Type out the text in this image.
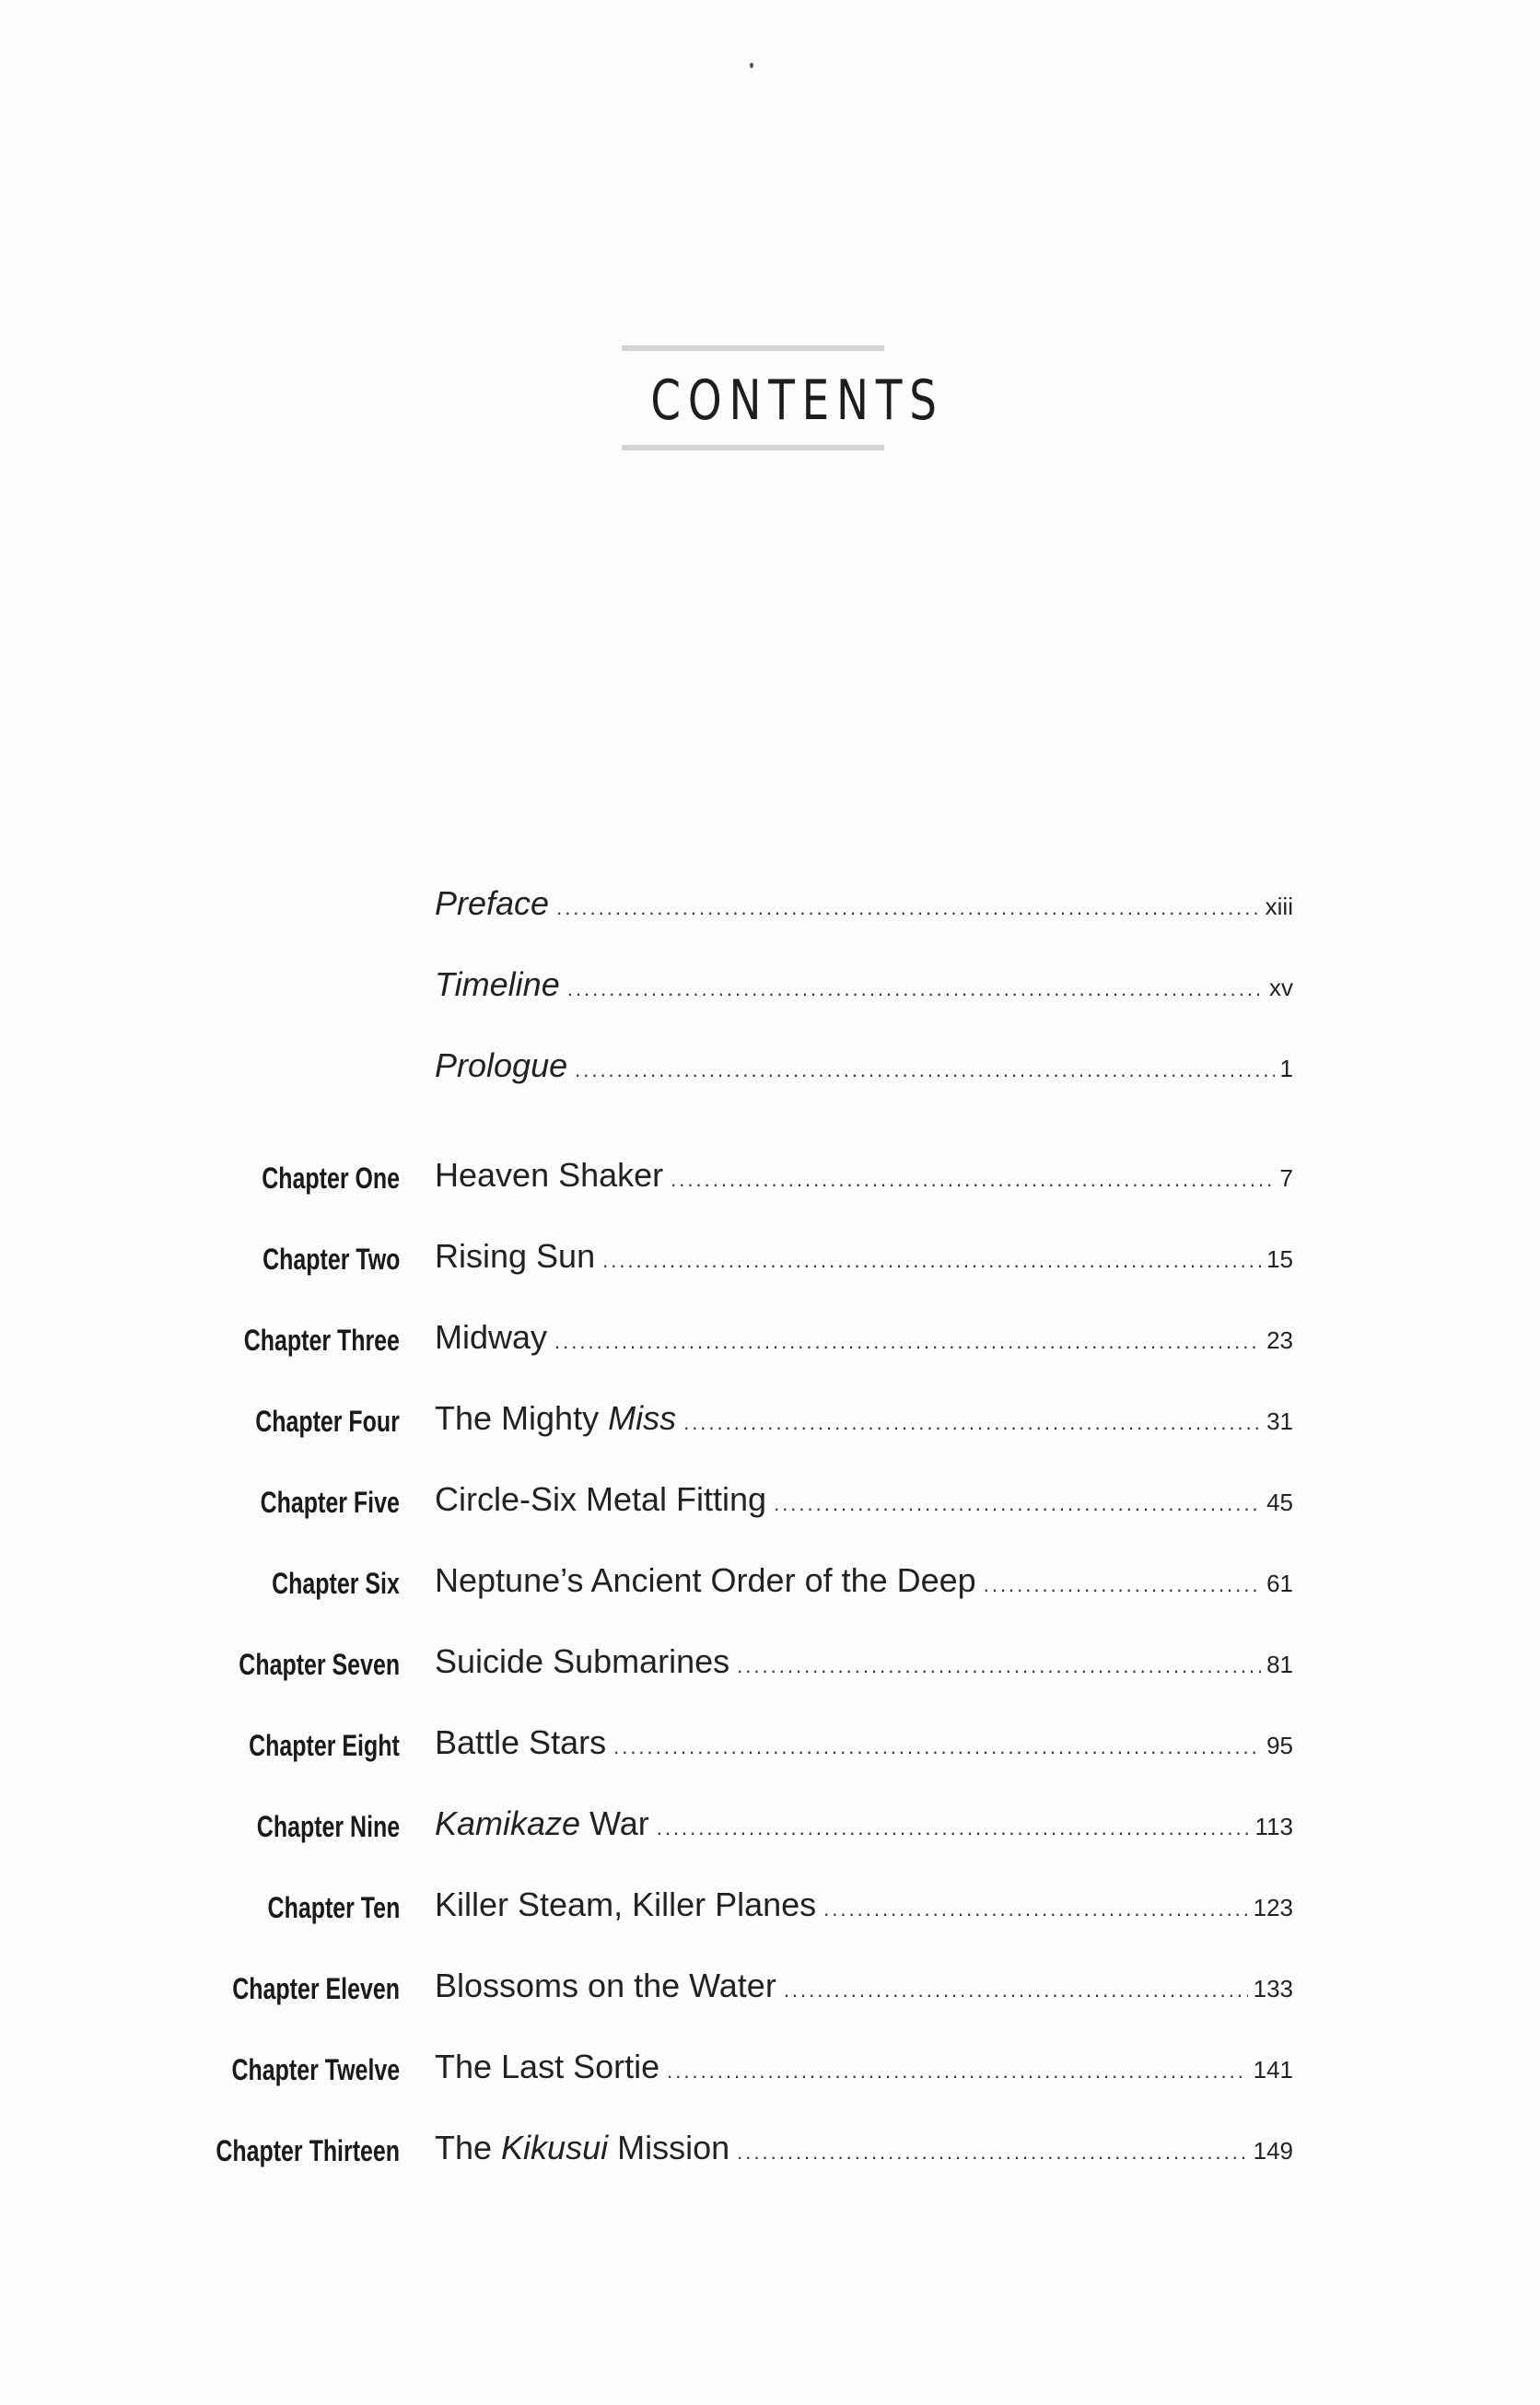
CONTENTS
Preface .....	xiii
Timeline .....	xv
Prologue .....	1
Chapter One Heaven Shaker .....	7
Chapter Two Rising Sun .....	15
Chapter Three Midway .....	23
Chapter Four The Mighty Miss .....	31
Chapter Five Circle-Six Metal Fitting .....	45
Chapter Six Neptune’s Ancient Order of the Deep .....	61
Chapter Seven Suicide Submarines .....	81
Chapter Eight Battle Stars .....	95
Chapter Nine Kamikaze War .....	113
Chapter Ten Killer Steam, Killer Planes .....	123
Chapter Eleven Blossoms on the Water .....	133
Chapter Twelve The Last Sortie .....	141
Chapter Thirteen The Kikusui Mission .....	149
